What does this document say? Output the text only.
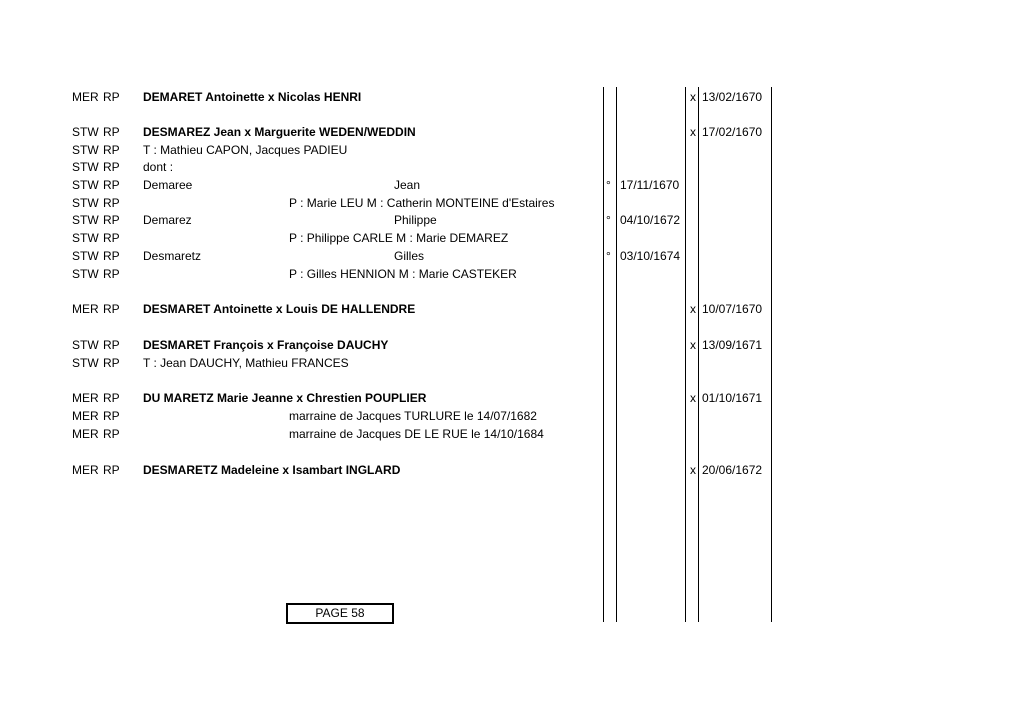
MER RP DEMARET Antoinette x Nicolas HENRI	x 13/02/1670
STW RP DESMAREZ Jean x Marguerite WEDEN/WEDDIN	x 17/02/1670
STW RP T : Mathieu CAPON, Jacques PADIEU
STW RP dont :
STW RP Demaree	Jean	° 17/11/1670
STW RP	P : Marie LEU M : Catherin MONTEINE d'Estaires
STW RP Demarez	Philippe	° 04/10/1672
STW RP	P : Philippe CARLE M : Marie DEMAREZ
STW RP Desmaretz	Gilles	° 03/10/1674
STW RP	P : Gilles HENNION M : Marie CASTEKER
MER RP DESMARET Antoinette x Louis DE HALLENDRE	x 10/07/1670
STW RP DESMARET François x Françoise DAUCHY	x 13/09/1671
STW RP T : Jean DAUCHY, Mathieu FRANCES
MER RP DU MARETZ Marie Jeanne x Chrestien POUPLIER	x 01/10/1671
MER RP	marraine de Jacques TURLURE le 14/07/1682
MER RP	marraine de Jacques DE LE RUE le 14/10/1684
MER RP DESMARETZ Madeleine x Isambart INGLARD	x 20/06/1672
PAGE 58
